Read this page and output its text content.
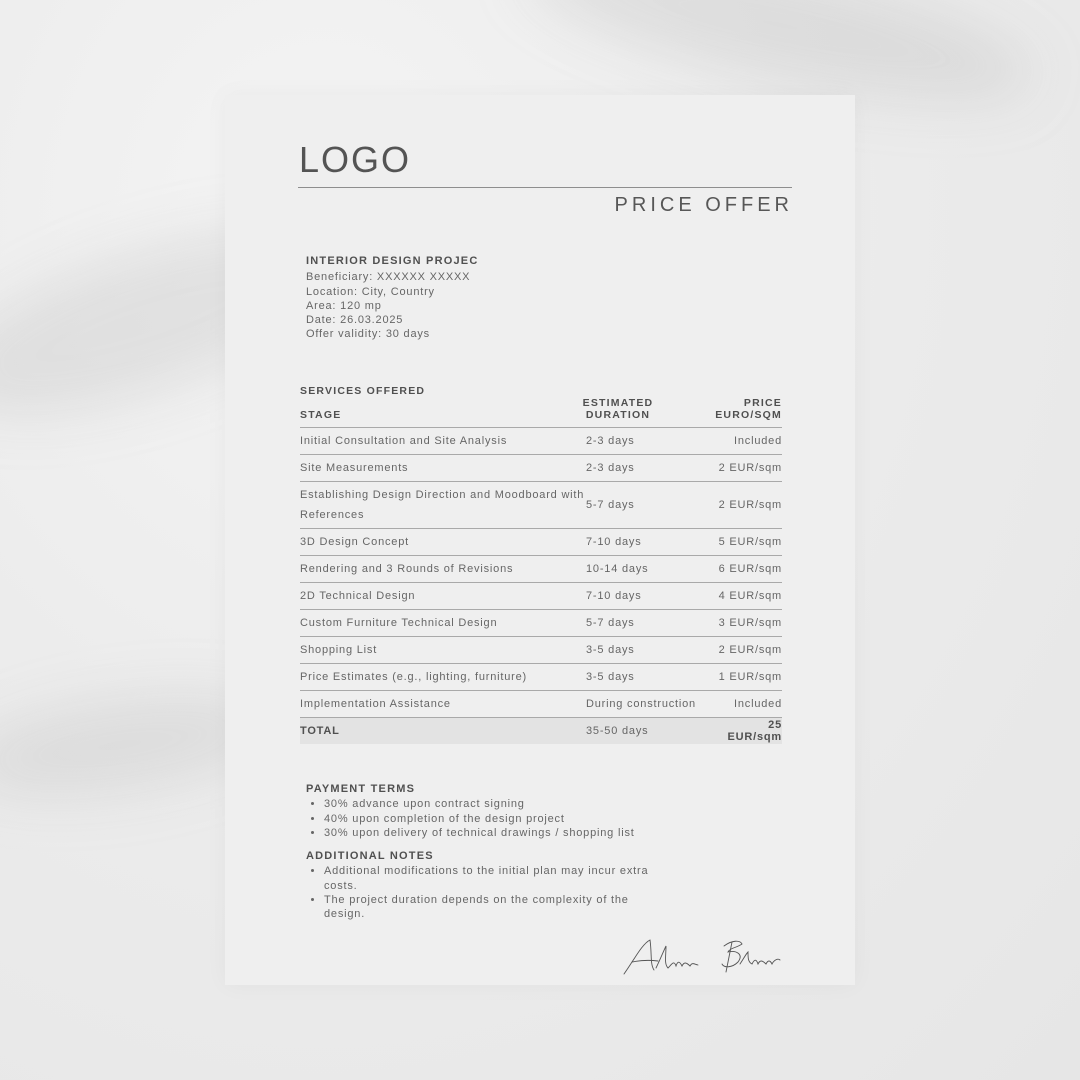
LOGO
PRICE OFFER
INTERIOR DESIGN PROJEC
Beneficiary: XXXXXX XXXXX
Location: City, Country
Area: 120 mp
Date: 26.03.2025
Offer validity: 30 days
SERVICES OFFERED
STAGE	ESTIMATED DURATION	PRICE EURO/SQM

Initial Consultation and Site Analysis	2-3 days	Included
Site Measurements	2-3 days	2 EUR/sqm
Establishing Design Direction and Moodboard with References	5-7 days	2 EUR/sqm
3D Design Concept	7-10 days	5 EUR/sqm
Rendering and 3 Rounds of Revisions	10-14 days	6 EUR/sqm
2D Technical Design	7-10 days	4 EUR/sqm
Custom Furniture Technical Design	5-7 days	3 EUR/sqm
Shopping List	3-5 days	2 EUR/sqm
Price Estimates (e.g., lighting, furniture)	3-5 days	1 EUR/sqm
Implementation Assistance	During construction	Included
TOTAL	35-50 days	25 EUR/sqm
PAYMENT TERMS
• 30% advance upon contract signing
• 40% upon completion of the design project
• 30% upon delivery of technical drawings / shopping list
ADDITIONAL NOTES
• Additional modifications to the initial plan may incur extra costs.
• The project duration depends on the complexity of the design.
